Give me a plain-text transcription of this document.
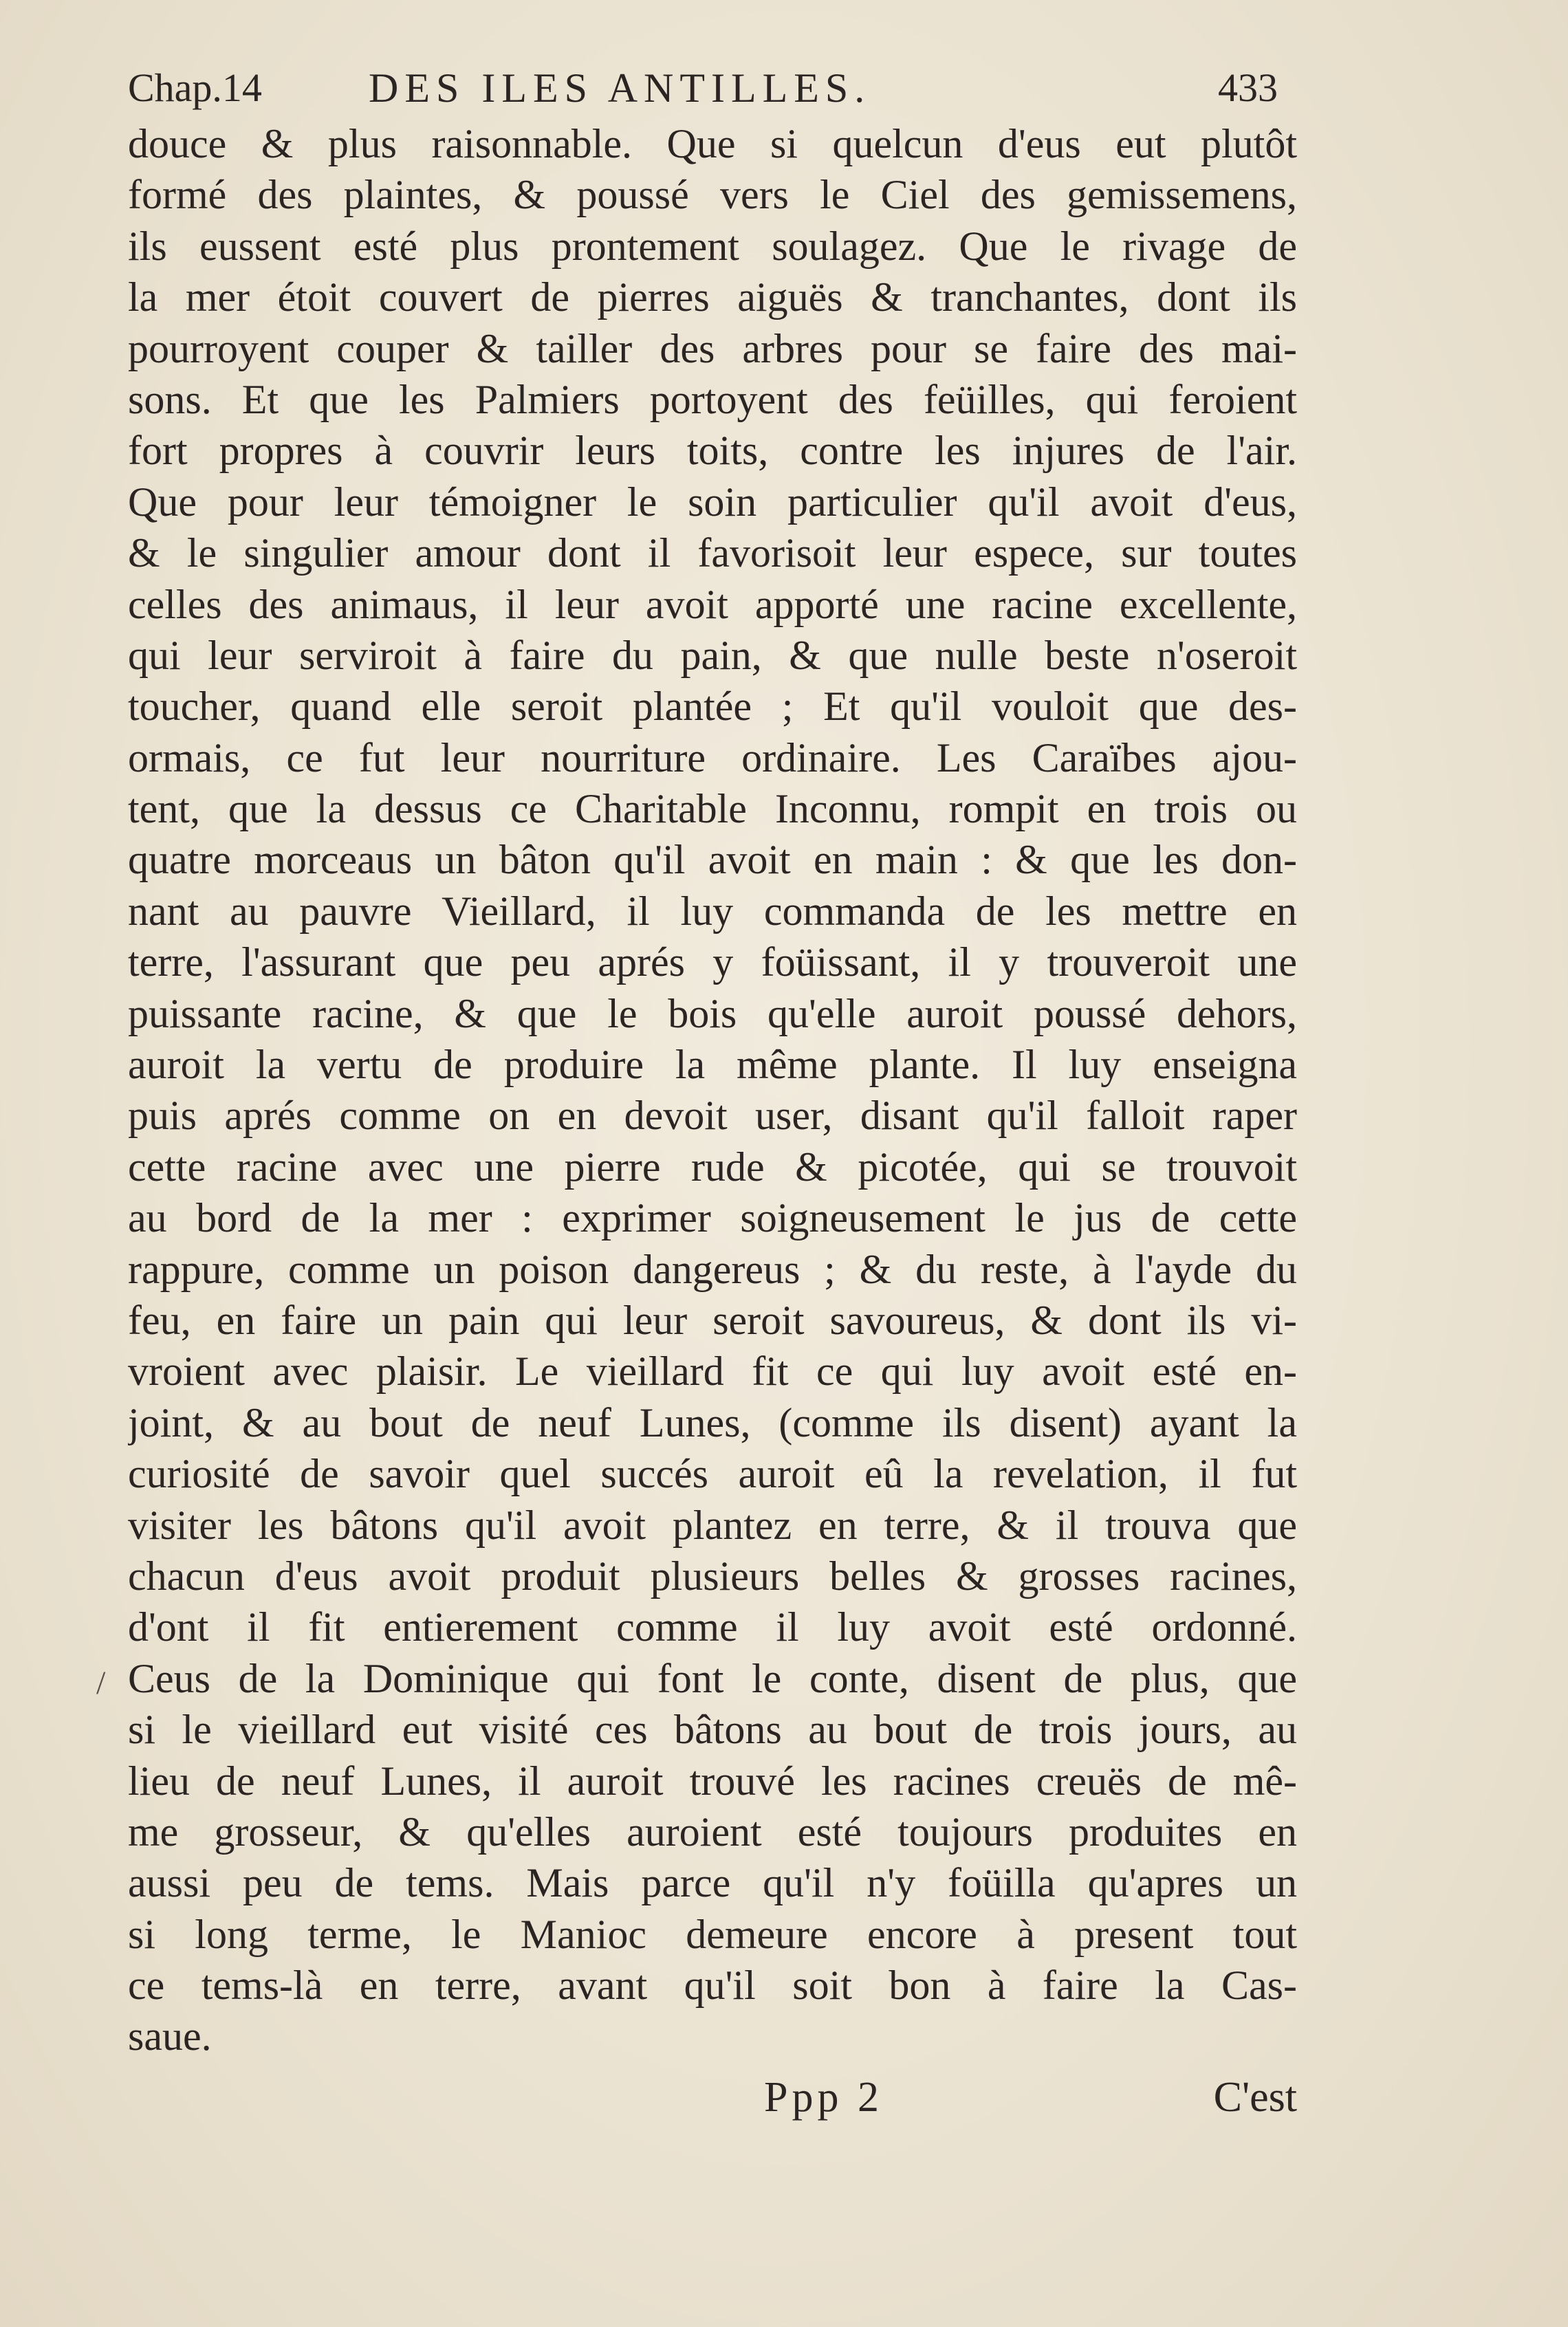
Chap.14	DES ILES ANTILLES.	433
douce & plus raisonnable. Que si quelcun d'eus eut plutôt
formé des plaintes, & poussé vers le Ciel des gemissemens,
ils eussent esté plus prontement soulagez. Que le rivage de
la mer étoit couvert de pierres aiguës & tranchantes, dont ils
pourroyent couper & tailler des arbres pour se faire des mai-
sons. Et que les Palmiers portoyent des feüilles, qui feroient
fort propres à couvrir leurs toits, contre les injures de l'air.
Que pour leur témoigner le soin particulier qu'il avoit d'eus,
& le singulier amour dont il favorisoit leur espece, sur toutes
celles des animaus, il leur avoit apporté une racine excellente,
qui leur serviroit à faire du pain, & que nulle beste n'oseroit
toucher, quand elle seroit plantée ; Et qu'il vouloit que des-
ormais, ce fut leur nourriture ordinaire. Les Caraïbes ajou-
tent, que la dessus ce Charitable Inconnu, rompit en trois ou
quatre morceaus un bâton qu'il avoit en main : & que les don-
nant au pauvre Vieillard, il luy commanda de les mettre en
terre, l'assurant que peu aprés y foüissant, il y trouveroit une
puissante racine, & que le bois qu'elle auroit poussé dehors,
auroit la vertu de produire la même plante. Il luy enseigna
puis aprés comme on en devoit user, disant qu'il falloit raper
cette racine avec une pierre rude & picotée, qui se trouvoit
au bord de la mer : exprimer soigneusement le jus de cette
rappure, comme un poison dangereus ; & du reste, à l'ayde du
feu, en faire un pain qui leur seroit savoureus, & dont ils vi-
vroient avec plaisir. Le vieillard fit ce qui luy avoit esté en-
joint, & au bout de neuf Lunes, (comme ils disent) ayant la
curiosité de savoir quel succés auroit eû la revelation, il fut
visiter les bâtons qu'il avoit plantez en terre, & il trouva que
chacun d'eus avoit produit plusieurs belles & grosses racines,
d'ont il fit entierement comme il luy avoit esté ordonné.
Ceus de la Dominique qui font le conte, disent de plus, que
si le vieillard eut visité ces bâtons au bout de trois jours, au
lieu de neuf Lunes, il auroit trouvé les racines creuës de mê-
me grosseur, & qu'elles auroient esté toujours produites en
aussi peu de tems. Mais parce qu'il n'y foüilla qu'apres un
si long terme, le Manioc demeure encore à present tout
ce tems-là en terre, avant qu'il soit bon à faire la Cas-
saue.
/
Ppp 2	C'est
